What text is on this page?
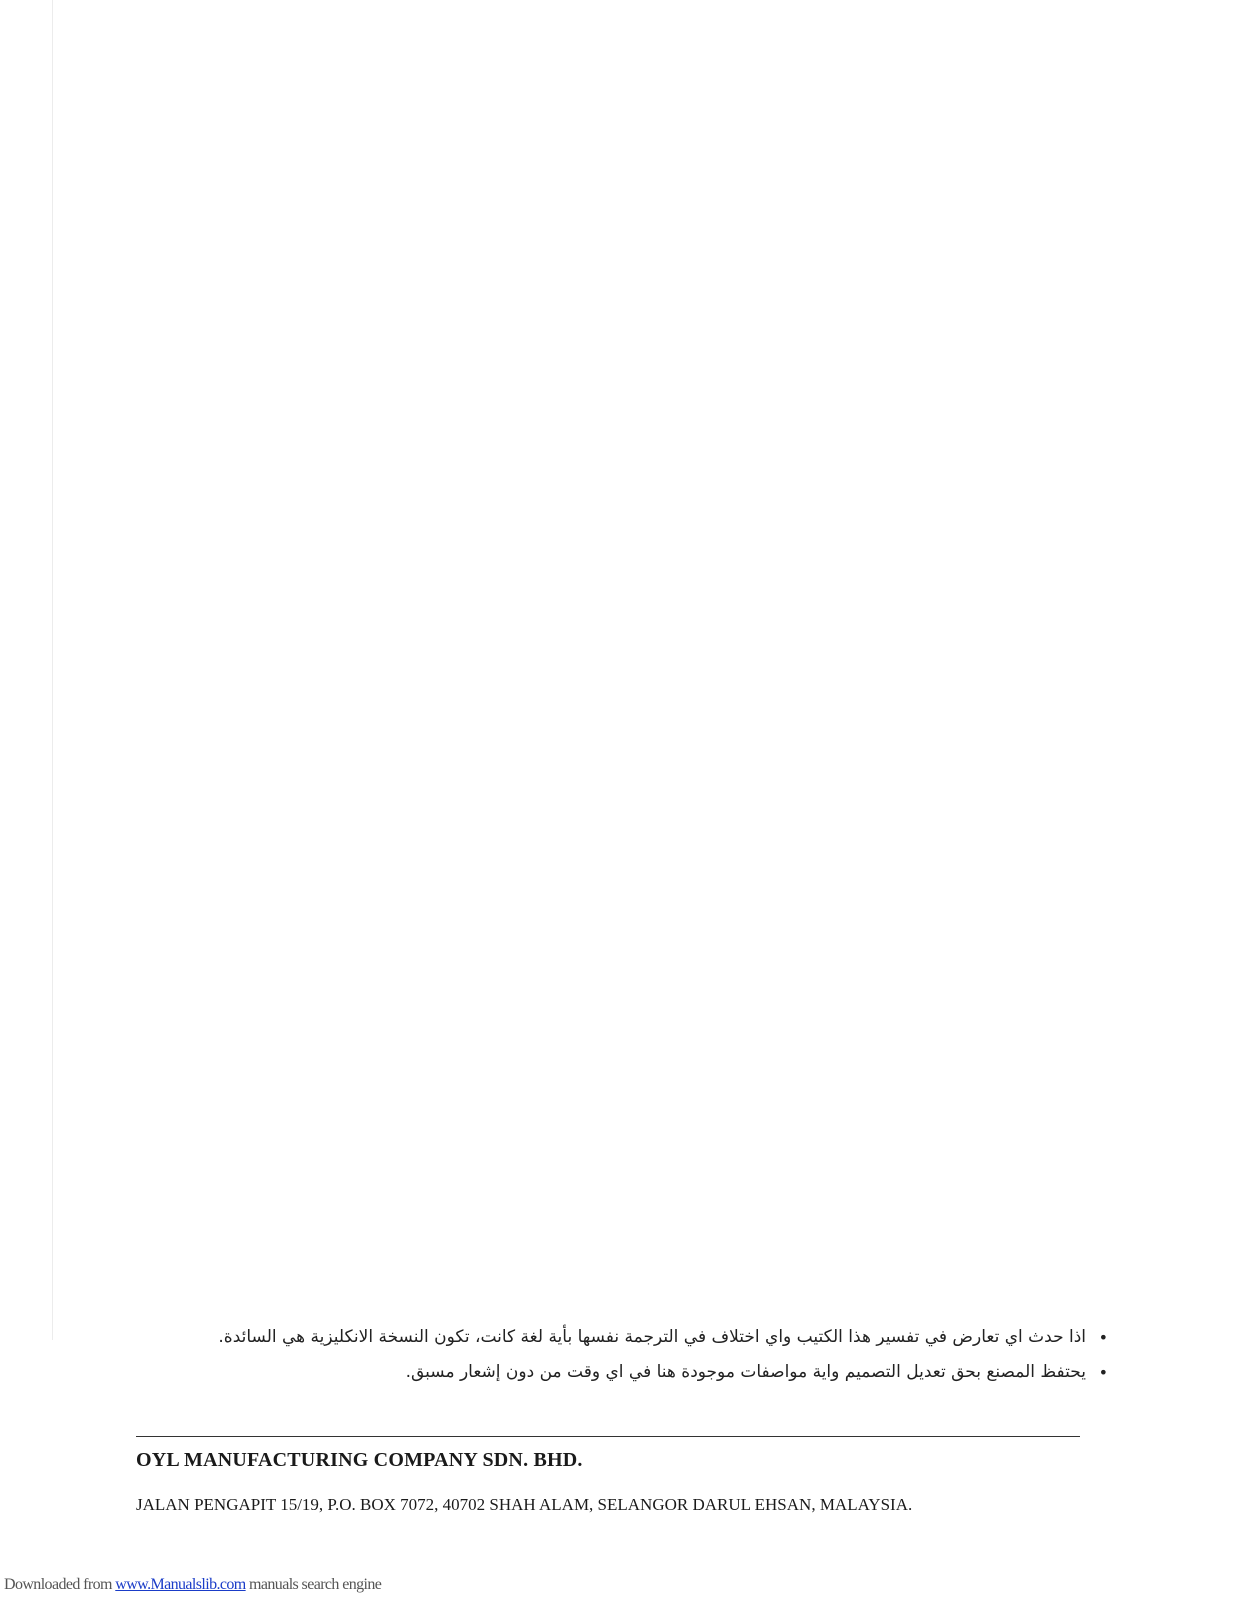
•
اذا حدث اي تعارض في تفسير هذا الكتيب واي اختلاف في الترجمة نفسها بأية لغة كانت، تكون النسخة الانكليزية هي السائدة.
•
يحتفظ المصنع بحق تعديل التصميم واية مواصفات موجودة هنا في اي وقت من دون إشعار مسبق.
OYL MANUFACTURING COMPANY SDN. BHD.
JALAN PENGAPIT 15/19, P.O. BOX 7072, 40702 SHAH ALAM, SELANGOR DARUL EHSAN, MALAYSIA.
Downloaded from www.Manualslib.com manuals search engine
